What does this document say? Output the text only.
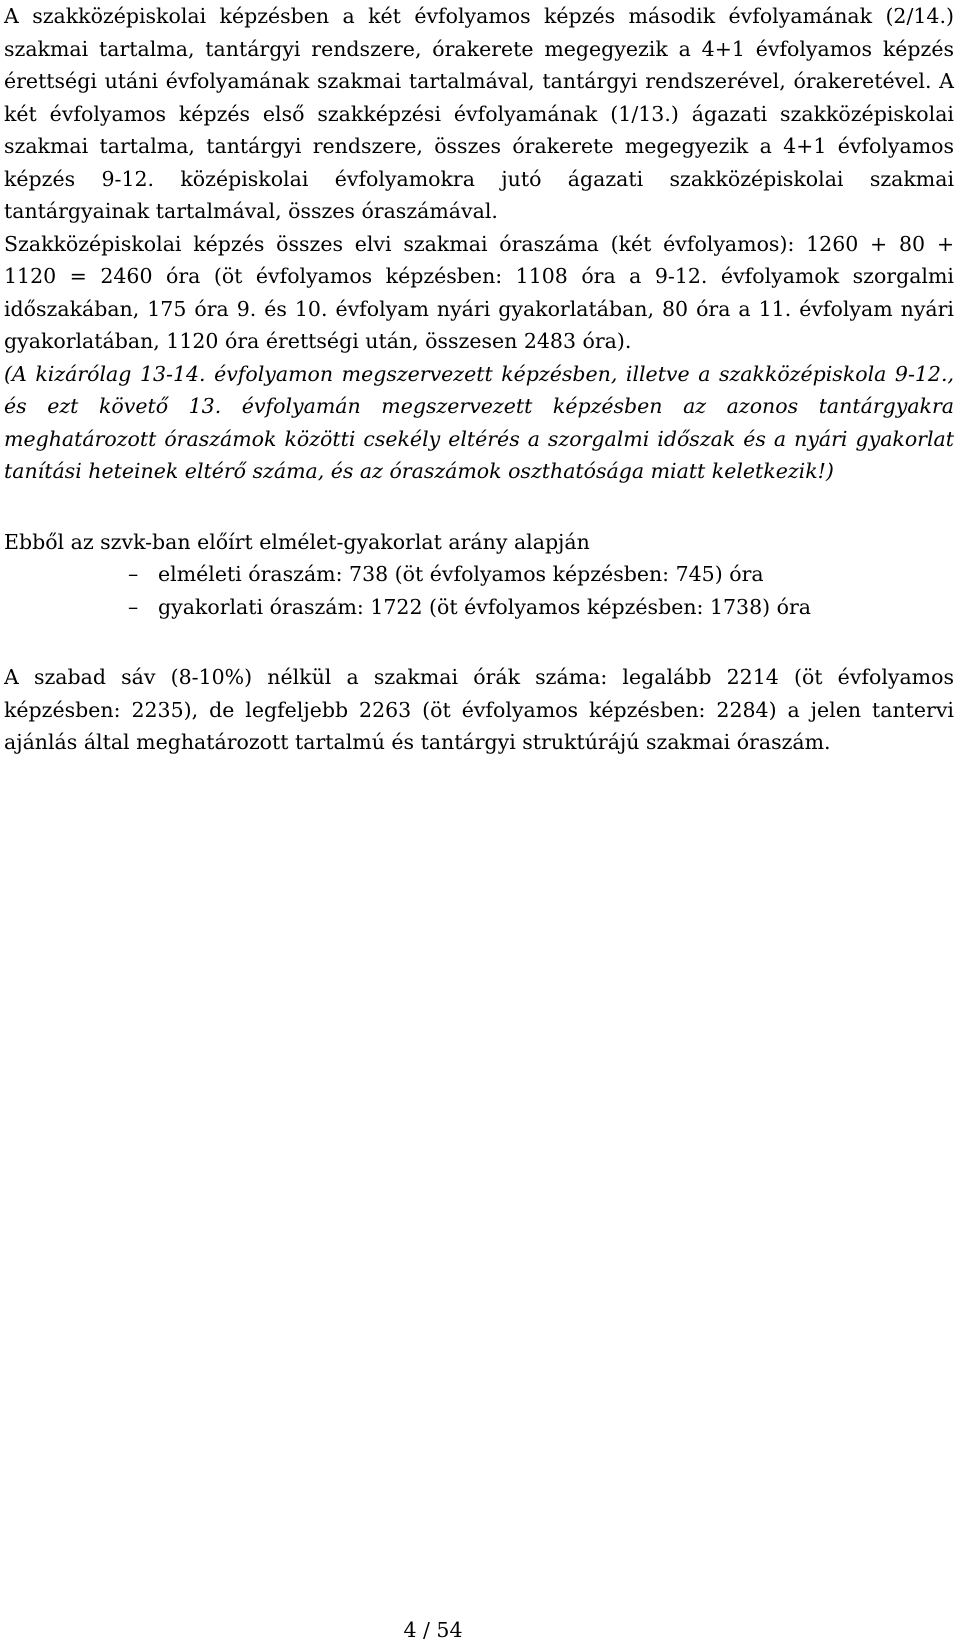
A szakközépiskolai képzésben a két évfolyamos képzés második évfolyamának (2/14.) szakmai tartalma, tantárgyi rendszere, órakerete megegyezik a 4+1 évfolyamos képzés érettségi utáni évfolyamának szakmai tartalmával, tantárgyi rendszerével, órakeretével. A két évfolyamos képzés első szakképzési évfolyamának (1/13.) ágazati szakközépiskolai szakmai tartalma, tantárgyi rendszere, összes órakerete megegyezik a 4+1 évfolyamos képzés 9-12. középiskolai évfolyamokra jutó ágazati szakközépiskolai szakmai tantárgyainak tartalmával, összes óraszámával.

Szakközépiskolai képzés összes elvi szakmai óraszáma (két évfolyamos): 1260 + 80 + 1120 = 2460 óra (öt évfolyamos képzésben: 1108 óra a 9-12. évfolyamok szorgalmi időszakában, 175 óra 9. és 10. évfolyam nyári gyakorlatában, 80 óra a 11. évfolyam nyári gyakorlatában, 1120 óra érettségi után, összesen 2483 óra).

(A kizárólag 13-14. évfolyamon megszervezett képzésben, illetve a szakközépiskola 9-12., és ezt követő 13. évfolyamán megszervezett képzésben az azonos tantárgyakra meghatározott óraszámok közötti csekély eltérés a szorgalmi időszak és a nyári gyakorlat tanítási heteinek eltérő száma, és az óraszámok oszthatósága miatt keletkezik!)

Ebből az szvk-ban előírt elmélet-gyakorlat arány alapján

– elméleti óraszám: 738 (öt évfolyamos képzésben: 745) óra
– gyakorlati óraszám: 1722 (öt évfolyamos képzésben: 1738) óra

A szabad sáv (8-10%) nélkül a szakmai órák száma: legalább 2214 (öt évfolyamos képzésben: 2235), de legfeljebb 2263 (öt évfolyamos képzésben: 2284) a jelen tantervi ajánlás által meghatározott tartalmú és tantárgyi struktúrájú szakmai óraszám.

4 / 54
